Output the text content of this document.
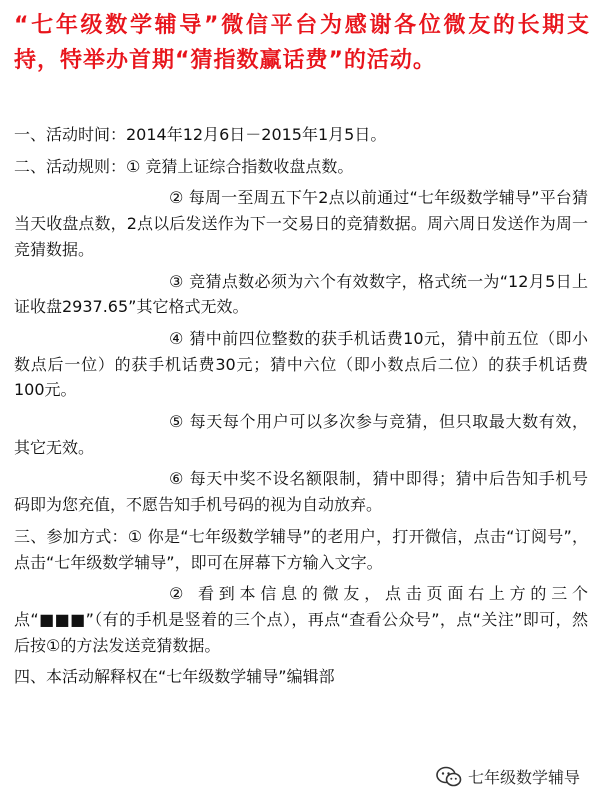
“七年级数学辅导”微信平台为感谢各位微友的长期支持，特举办首期“猜指数赢话费”的活动。
一、活动时间：2014年12月6日－2015年1月5日。
二、活动规则：① 竞猜上证综合指数收盘点数。
② 每周一至周五下午2点以前通过“七年级数学辅导”平台猜当天收盘点数，2点以后发送作为下一交易日的竞猜数据。周六周日发送作为周一竞猜数据。
③ 竞猜点数必须为六个有效数字，格式统一为“12月5日上证收盘2937.65”其它格式无效。
④ 猜中前四位整数的获手机话费10元，猜中前五位（即小数点后一位）的获手机话费30元；猜中六位（即小数点后二位）的获手机话费100元。
⑤ 每天每个用户可以多次参与竞猜，但只取最大数有效，其它无效。
⑥ 每天中奖不设名额限制，猜中即得；猜中后告知手机号码即为您充值，不愿告知手机号码的视为自动放弃。
三、参加方式：① 你是“七年级数学辅导”的老用户，打开微信，点击“订阅号”，点击“七年级数学辅导”，即可在屏幕下方输入文字。
② 看到本信息的微友，点击页面右上方的三个点“■■■”（有的手机是竖着的三个点），再点“查看公众号”，点“关注”即可，然后按①的方法发送竞猜数据。
四、本活动解释权在“七年级数学辅导”编辑部
七年级数学辅导
